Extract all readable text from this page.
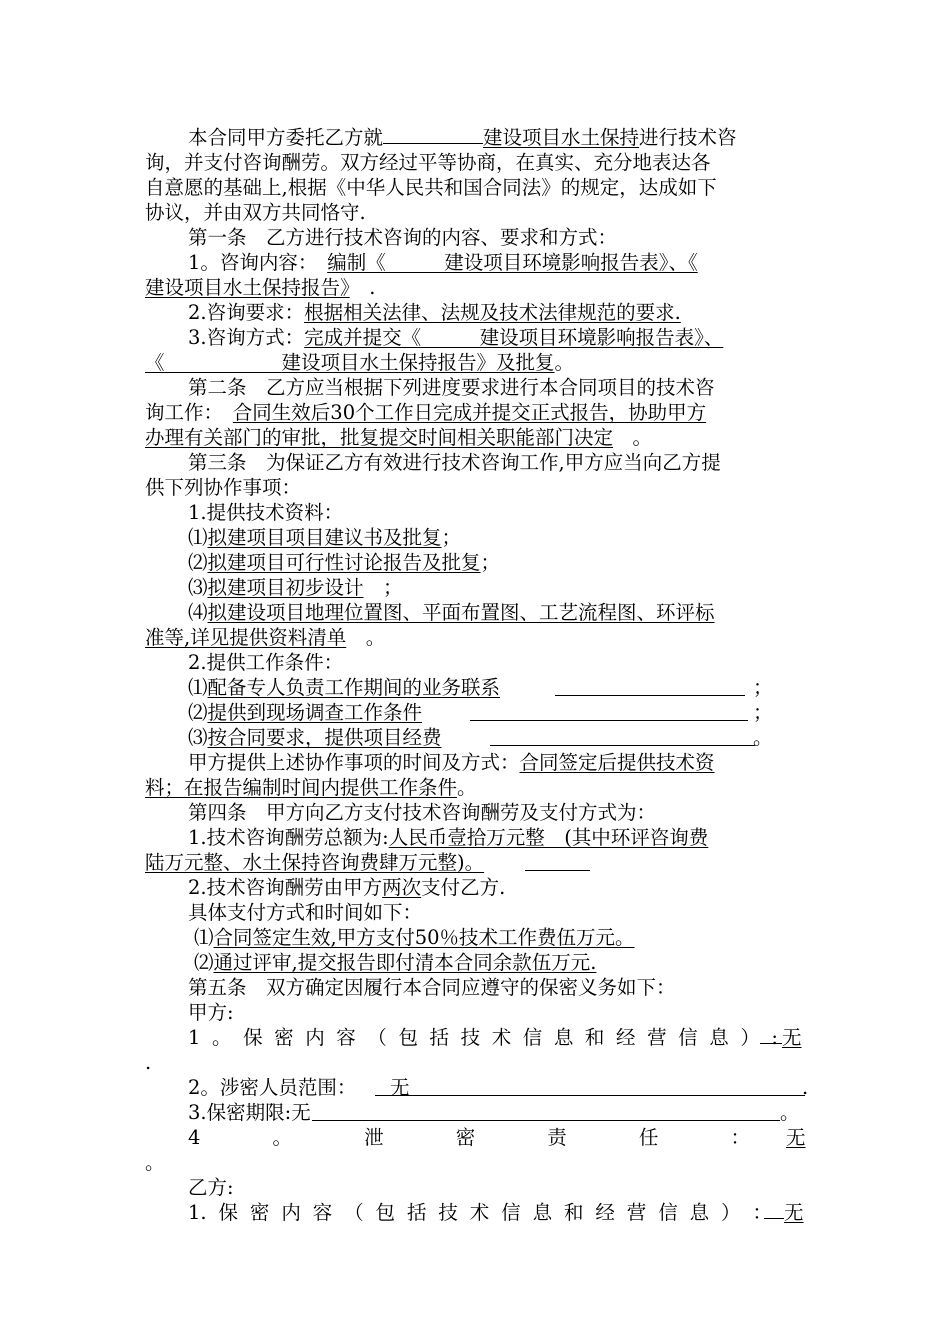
本合同甲方委托乙方就	建设项目水土保持进行技术咨
询，并支付咨询酬劳。双方经过平等协商，在真实、充分地表达各
自意愿的基础上,根据《中华人民共和国合同法》的规定，达成如下
协议，并由双方共同恪守.
第一条　乙方进行技术咨询的内容、要求和方式：
1。咨询内容：　 编制《　　　建设项目环境影响报告表》、《
建设项目水土保持报告》　 .
2.咨询要求：根据相关法律、法规及技术法律规范的要求.
3.咨询方式：完成并提交《　　　建设项目环境影响报告表》、
《　　　　　　建设项目水土保持报告》及批复。
第二条　乙方应当根据下列进度要求进行本合同项目的技术咨
询工作：　 合同生效后30个工作日完成并提交正式报告，协助甲方
办理有关部门的审批，批复提交时间相关职能部门决定　 。
第三条　为保证乙方有效进行技术咨询工作,甲方应当向乙方提
供下列协作事项：
1.提供技术资料：
⑴拟建项目项目建议书及批复；
⑵拟建项目可行性讨论报告及批复；
⑶拟建项目初步设计　 ；
⑷拟建设项目地理位置图、平面布置图、工艺流程图、环评标
准等,详见提供资料清单　 。
2.提供工作条件：
⑴配备专人负责工作期间的业务联系	；
⑵提供到现场调查工作条件	；
⑶按合同要求，提供项目经费	。
甲方提供上述协作事项的时间及方式：合同签定后提供技术资
料；在报告编制时间内提供工作条件。
第四条　甲方向乙方支付技术咨询酬劳及支付方式为：
1.技术咨询酬劳总额为:人民币壹拾万元整　(其中环评咨询费
陆万元整、水土保持咨询费肆万元整)。
2.技术咨询酬劳由甲方两次支付乙方.
具体支付方式和时间如下：
⑴合同签定生效,甲方支付50％技术工作费伍万元。
⑵通过评审,提交报告即付清本合同余款伍万元.
第五条　双方确定因履行本合同应遵守的保密义务如下：
甲方:
1 。 保 密 内 容 （ 包 括 技 术 信 息 和 经 营 信 息 ） : 无
.
2。涉密人员范围：	.
无
3.保密期限:无	。
4	。	泄	密	责	任	： 无
。
乙方:
1. 保 密 内 容 （ 包 括 技 术 信 息 和 经 营 信 息 ） ： 无
